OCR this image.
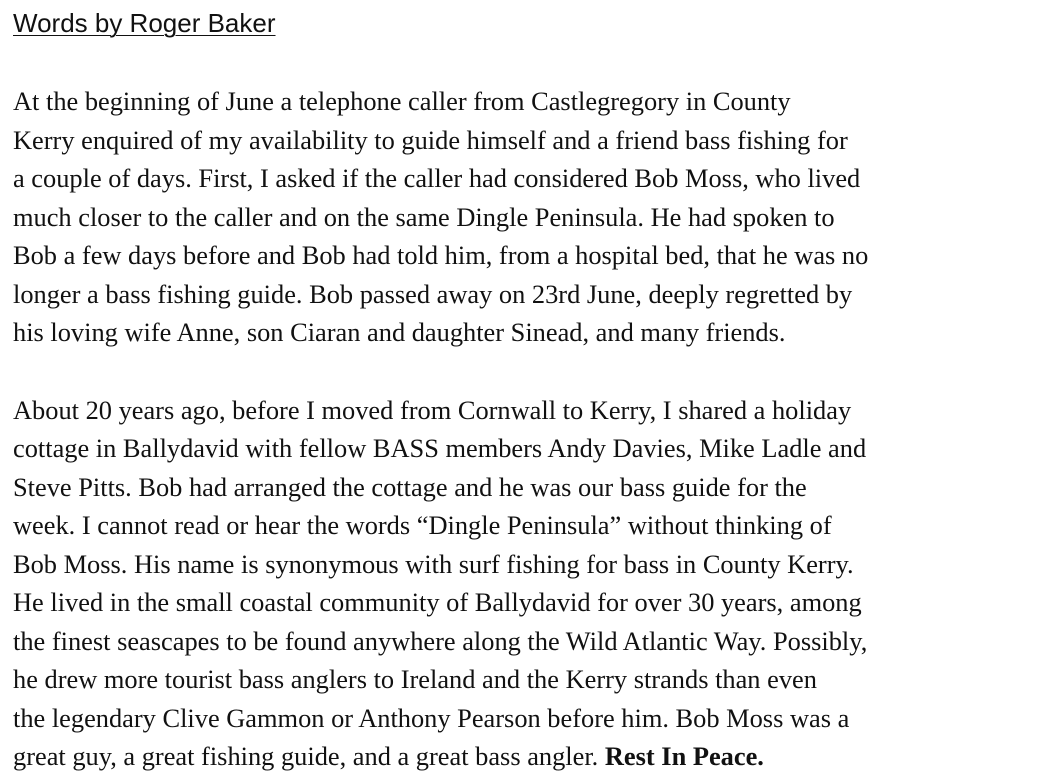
Words by Roger Baker
At the beginning of June a telephone caller from Castlegregory in County
Kerry enquired of my availability to guide himself and a friend bass fishing for
a couple of days. First, I asked if the caller had considered Bob Moss, who lived
much closer to the caller and on the same Dingle Peninsula. He had spoken to
Bob a few days before and Bob had told him, from a hospital bed, that he was no
longer a bass fishing guide. Bob passed away on 23rd June, deeply regretted by
his loving wife Anne, son Ciaran and daughter Sinead, and many friends.
About 20 years ago, before I moved from Cornwall to Kerry, I shared a holiday
cottage in Ballydavid with fellow BASS members Andy Davies, Mike Ladle and
Steve Pitts. Bob had arranged the cottage and he was our bass guide for the
week. I cannot read or hear the words “Dingle Peninsula” without thinking of
Bob Moss. His name is synonymous with surf fishing for bass in County Kerry.
He lived in the small coastal community of Ballydavid for over 30 years, among
the finest seascapes to be found anywhere along the Wild Atlantic Way. Possibly,
he drew more tourist bass anglers to Ireland and the Kerry strands than even
the legendary Clive Gammon or Anthony Pearson before him. Bob Moss was a
great guy, a great fishing guide, and a great bass angler. Rest In Peace.
